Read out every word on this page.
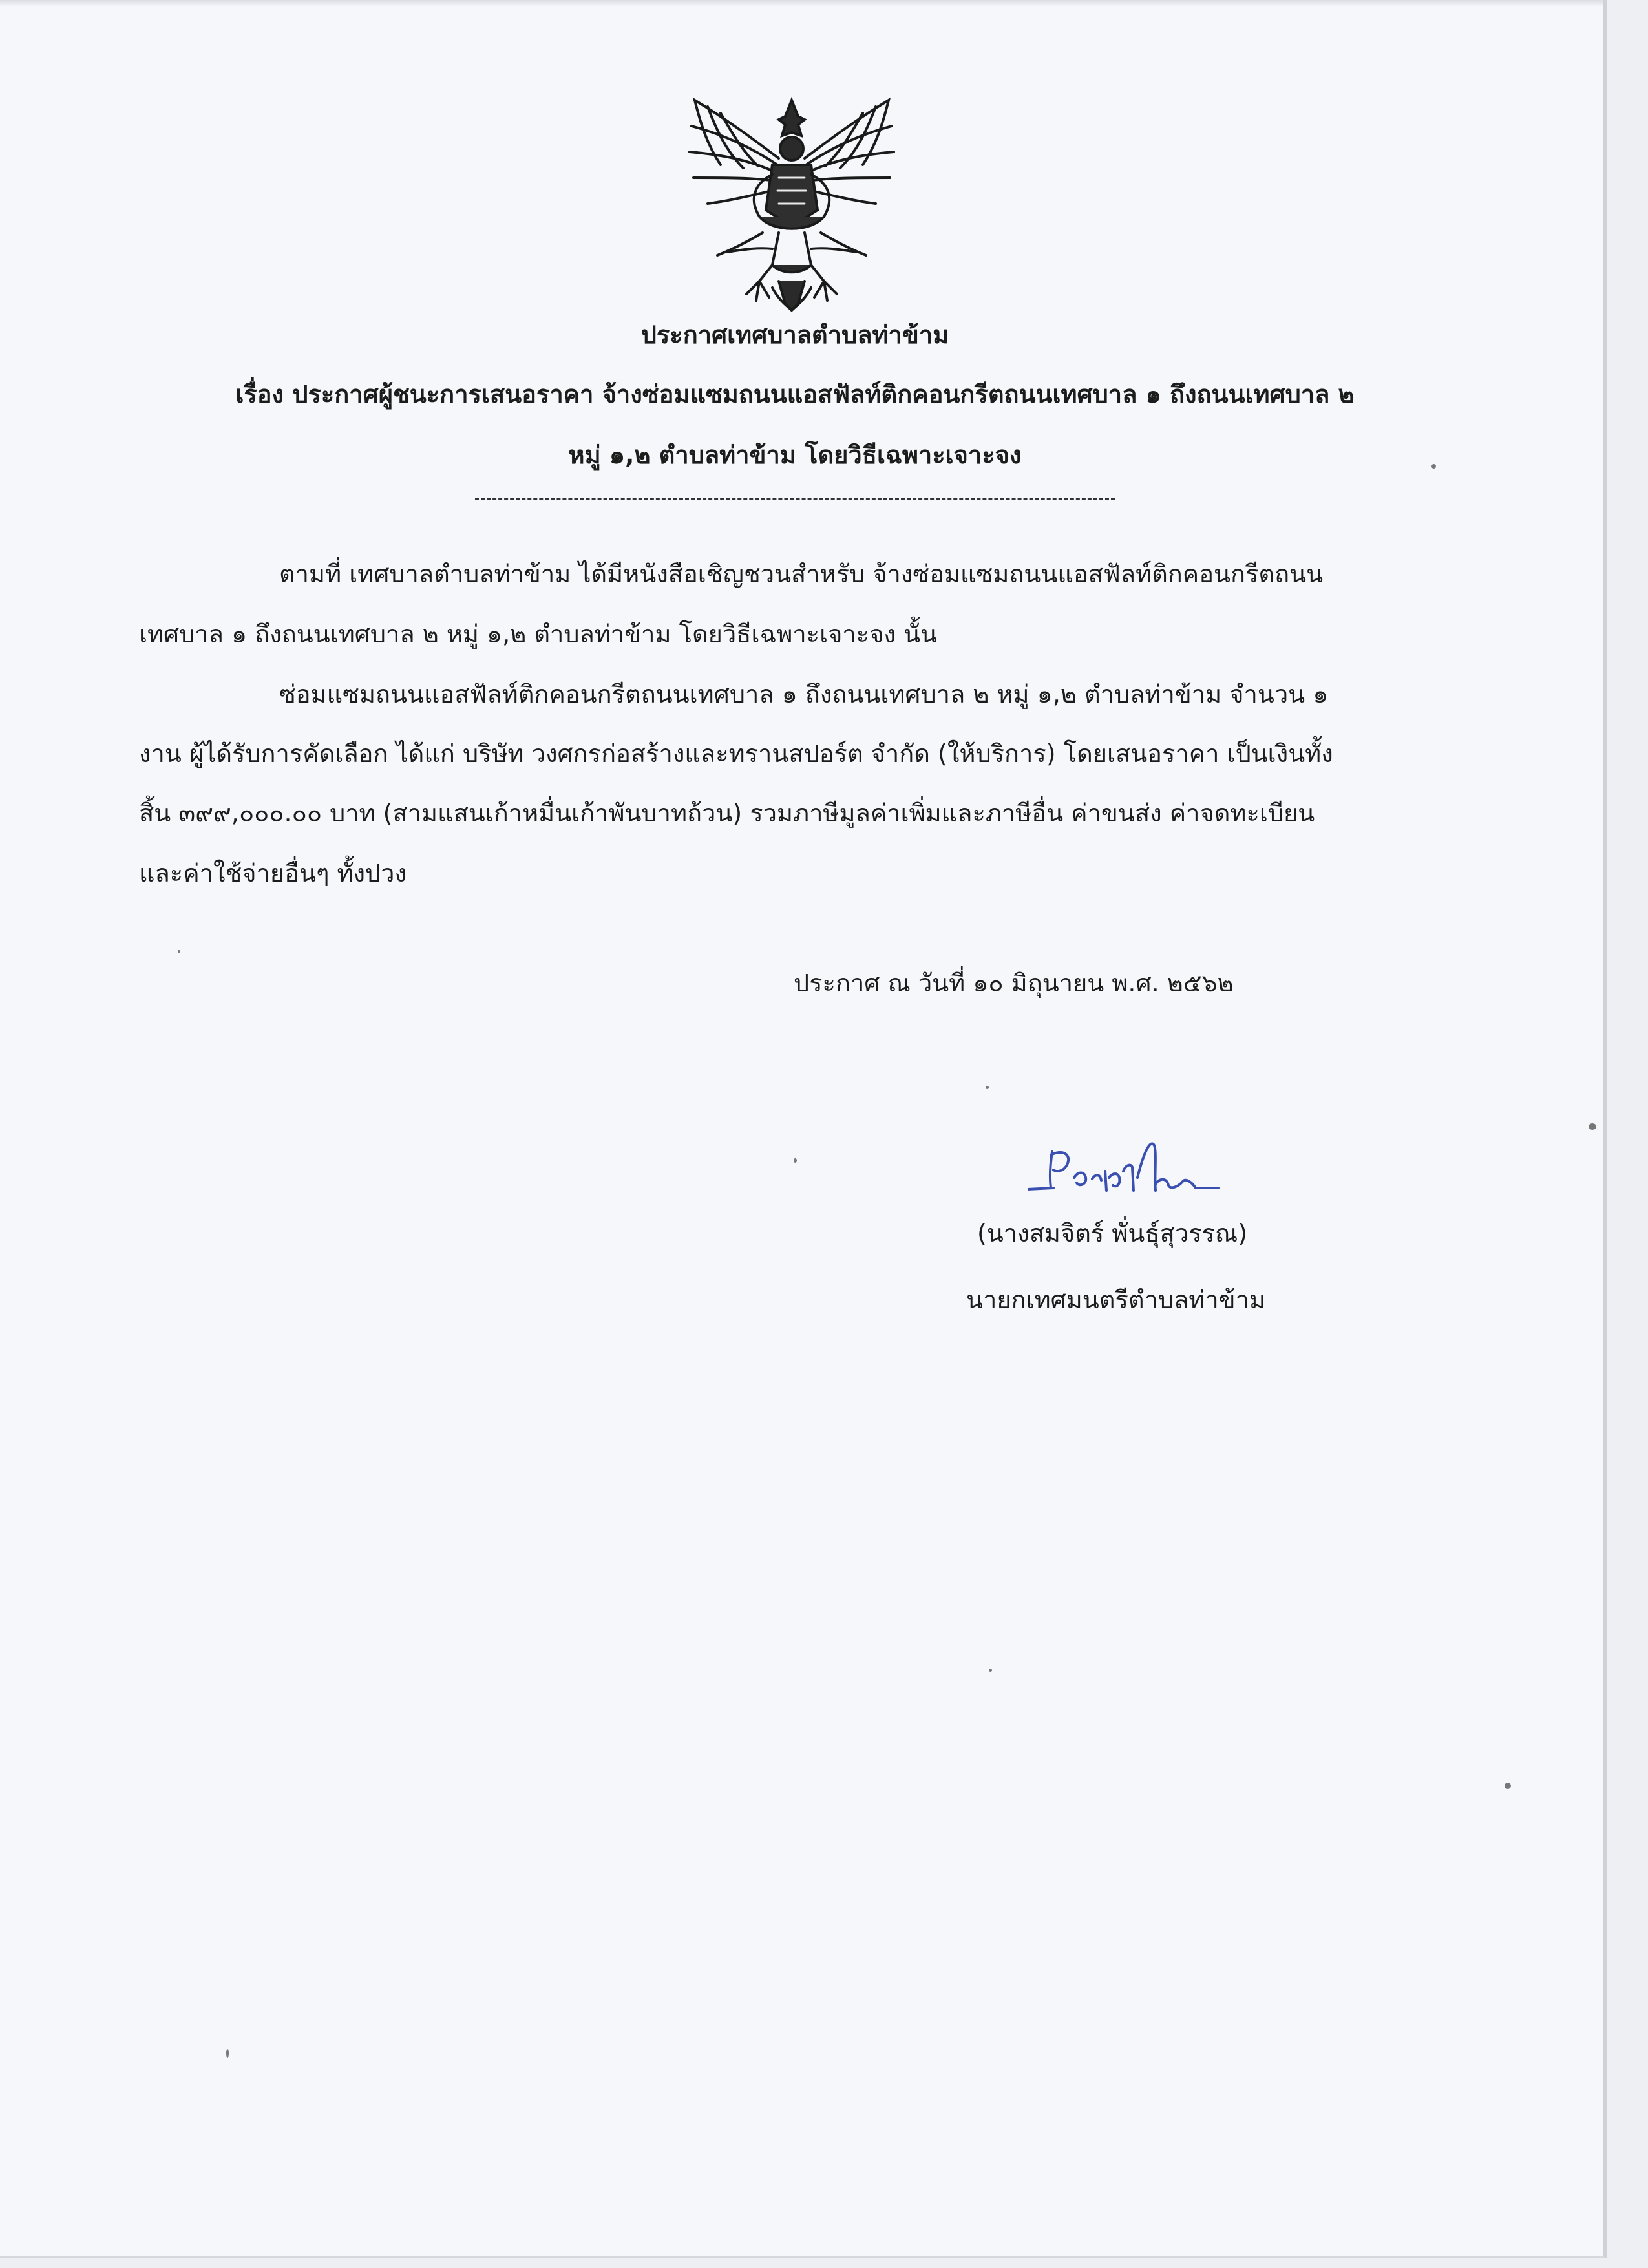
ประกาศเทศบาลตำบลท่าข้าม

เรื่อง ประกาศผู้ชนะการเสนอราคา จ้างซ่อมแซมถนนแอสฟัลท์ติกคอนกรีตถนนเทศบาล ๑ ถึงถนนเทศบาล ๒

หมู่ ๑,๒ ตำบลท่าข้าม โดยวิธีเฉพาะเจาะจง

ตามที่ เทศบาลตำบลท่าข้าม ได้มีหนังสือเชิญชวนสำหรับ จ้างซ่อมแซมถนนแอสฟัลท์ติกคอนกรีตถนน

เทศบาล ๑ ถึงถนนเทศบาล ๒ หมู่ ๑,๒ ตำบลท่าข้าม โดยวิธีเฉพาะเจาะจง นั้น

ซ่อมแซมถนนแอสฟัลท์ติกคอนกรีตถนนเทศบาล ๑ ถึงถนนเทศบาล ๒ หมู่ ๑,๒ ตำบลท่าข้าม จำนวน ๑

งาน ผู้ได้รับการคัดเลือก ได้แก่ บริษัท วงศกรก่อสร้างและทรานสปอร์ต จำกัด (ให้บริการ) โดยเสนอราคา เป็นเงินทั้ง

สิ้น ๓๙๙,๐๐๐.๐๐ บาท (สามแสนเก้าหมื่นเก้าพันบาทถ้วน) รวมภาษีมูลค่าเพิ่มและภาษีอื่น ค่าขนส่ง ค่าจดทะเบียน

และค่าใช้จ่ายอื่นๆ ทั้งปวง

ประกาศ ณ วันที่ ๑๐ มิถุนายน พ.ศ. ๒๕๖๒

(นางสมจิตร์ พั่นธุ์สุวรรณ)

นายกเทศมนตรีตำบลท่าข้าม
